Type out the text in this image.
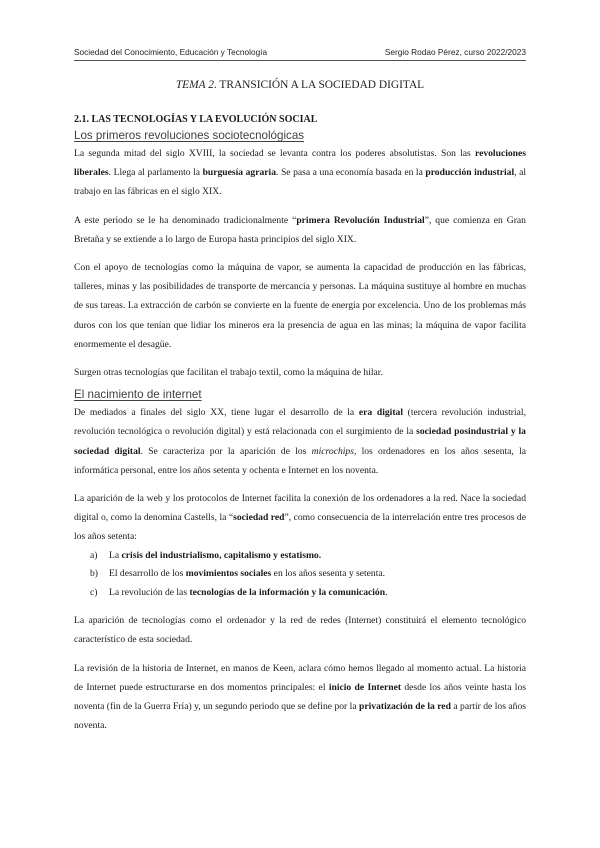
Sociedad del Conocimiento, Educación y Tecnología	Sergio Rodao Pérez, curso 2022/2023
TEMA 2. TRANSICIÓN A LA SOCIEDAD DIGITAL

2.1. LAS TECNOLOGÍAS Y LA EVOLUCIÓN SOCIAL

Los primeros revoluciones sociotecnológicas

La segunda mitad del siglo XVIII, la sociedad se levanta contra los poderes absolutistas. Son las revoluciones liberales. Llega al parlamento la burguesía agraria. Se pasa a una economía basada en la producción industrial, al trabajo en las fábricas en el siglo XIX.

A este periodo se le ha denominado tradicionalmente “primera Revolución Industrial”, que comienza en Gran Bretaña y se extiende a lo largo de Europa hasta principios del siglo XIX.

Con el apoyo de tecnologías como la máquina de vapor, se aumenta la capacidad de producción en las fábricas, talleres, minas y las posibilidades de transporte de mercancía y personas. La máquina sustituye al hombre en muchas de sus tareas. La extracción de carbón se convierte en la fuente de energía por excelencia. Uno de los problemas más duros con los que tenían que lidiar los mineros era la presencia de agua en las minas; la máquina de vapor facilita enormemente el desagüe.

Surgen otras tecnologías que facilitan el trabajo textil, como la máquina de hilar.

El nacimiento de internet

De mediados a finales del siglo XX, tiene lugar el desarrollo de la era digital (tercera revolución industrial, revolución tecnológica o revolución digital) y está relacionada con el surgimiento de la sociedad posindustrial y la sociedad digital. Se caracteriza por la aparición de los microchips, los ordenadores en los años sesenta, la informática personal, entre los años setenta y ochenta e Internet en los noventa.

La aparición de la web y los protocolos de Internet facilita la conexión de los ordenadores a la red. Nace la sociedad digital o, como la denomina Castells, la “sociedad red”, como consecuencia de la interrelación entre tres procesos de los años setenta:

a) La crisis del industrialismo, capitalismo y estatismo.
b) El desarrollo de los movimientos sociales en los años sesenta y setenta.
c) La revolución de las tecnologías de la información y la comunicación.

La aparición de tecnologías como el ordenador y la red de redes (Internet) constituirá el elemento tecnológico característico de esta sociedad.

La revisión de la historia de Internet, en manos de Keen, aclara cómo hemos llegado al momento actual. La historia de Internet puede estructurarse en dos momentos principales: el inicio de Internet desde los años veinte hasta los noventa (fin de la Guerra Fría) y, un segundo periodo que se define por la privatización de la red a partir de los años noventa.
